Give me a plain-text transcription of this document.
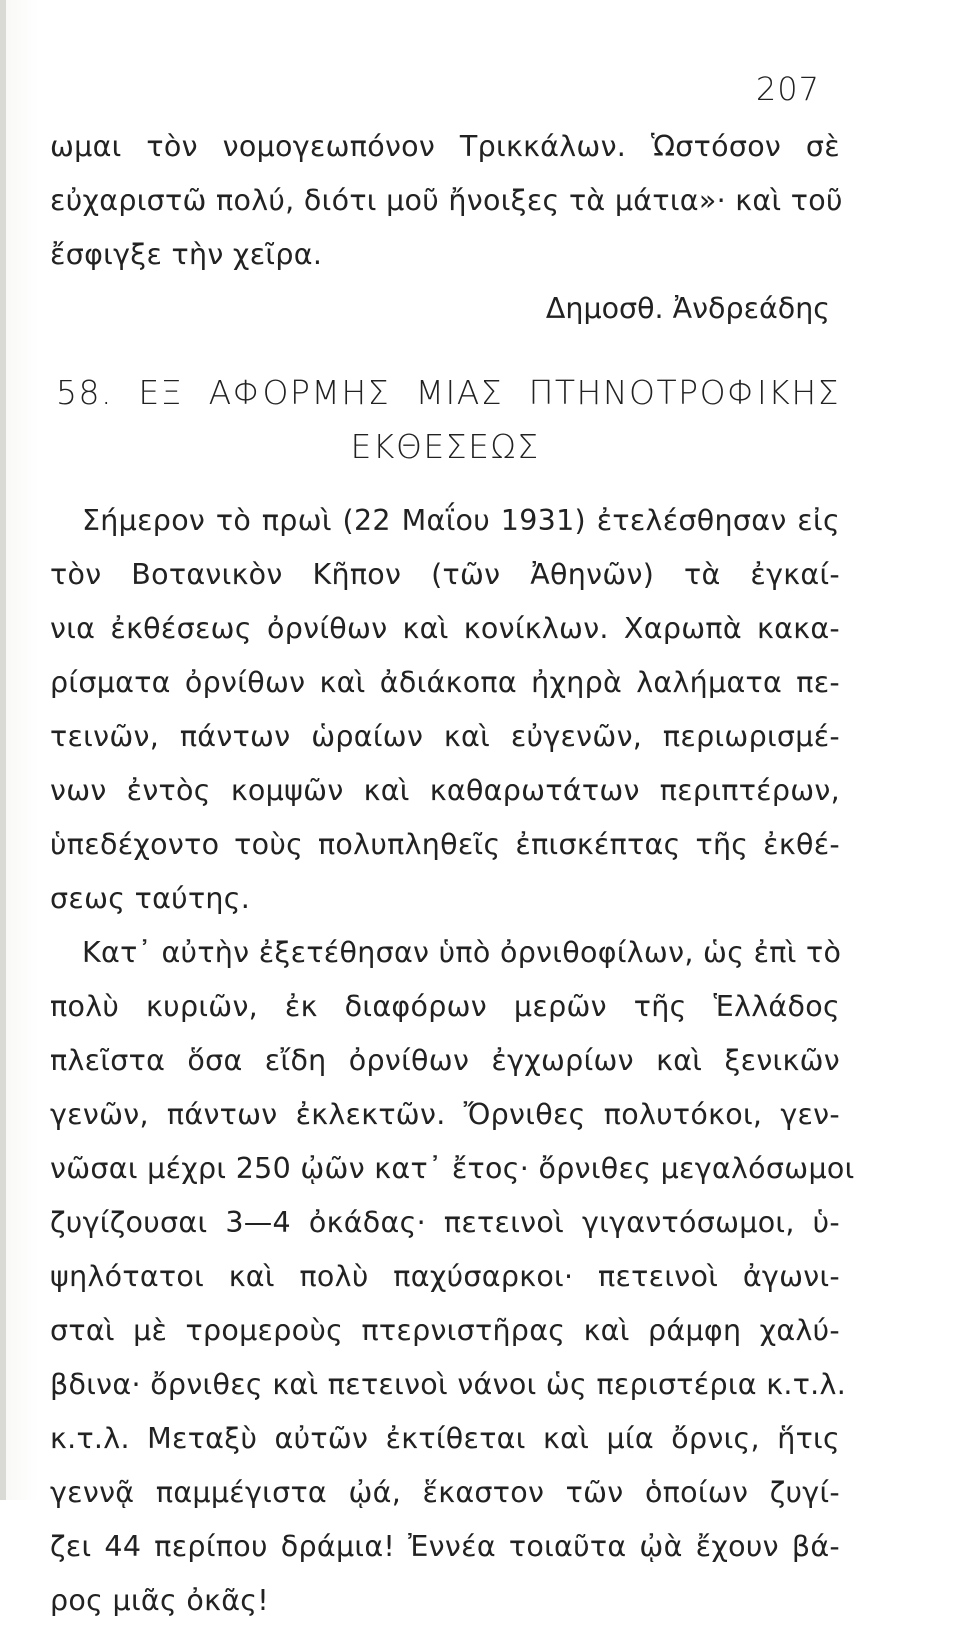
207
ωμαι τὸν νομογεωπόνον Τρικκάλων. Ὡστόσον σὲ
εὐχαριστῶ πολύ, διότι μοῦ ἤνοιξες τὰ μάτια»· καὶ τοῦ
ἔσφιγξε τὴν χεῖρα.
Δημοσθ. Ἀνδρεάδης
58. ΕΞ ΑΦΟΡΜΗΣ ΜΙΑΣ ΠΤΗΝΟΤΡΟΦΙΚΗΣ
ΕΚΘΕΣΕΩΣ
Σήμερον τὸ πρωὶ (22 Μαΐου 1931) ἐτελέσθησαν εἰς
τὸν Βοτανικὸν Κῆπον (τῶν Ἀθηνῶν) τὰ ἐγκαί-
νια ἐκθέσεως ὀρνίθων καὶ κονίκλων. Χαρωπὰ κακα-
ρίσματα ὀρνίθων καὶ ἀδιάκοπα ἠχηρὰ λαλήματα πε-
τεινῶν, πάντων ὡραίων καὶ εὐγενῶν, περιωρισμέ-
νων ἐντὸς κομψῶν καὶ καθαρωτάτων περιπτέρων,
ὑπεδέχοντο τοὺς πολυπληθεῖς ἐπισκέπτας τῆς ἐκθέ-
σεως ταύτης.
Κατ᾽ αὐτὴν ἐξετέθησαν ὑπὸ ὀρνιθοφίλων, ὡς ἐπὶ τὸ
πολὺ κυριῶν, ἐκ διαφόρων μερῶν τῆς Ἑλλάδος
πλεῖστα ὅσα εἴδη ὀρνίθων ἐγχωρίων καὶ ξενικῶν
γενῶν, πάντων ἐκλεκτῶν. Ὄρνιθες πολυτόκοι, γεν-
νῶσαι μέχρι 250 ᾠῶν κατ᾽ ἔτος· ὄρνιθες μεγαλόσωμοι
ζυγίζουσαι 3—4 ὀκάδας· πετεινοὶ γιγαντόσωμοι, ὑ-
ψηλότατοι καὶ πολὺ παχύσαρκοι· πετεινοὶ ἀγωνι-
σταὶ μὲ τρομεροὺς πτερνιστῆρας καὶ ράμφη χαλύ-
βδινα· ὄρνιθες καὶ πετεινοὶ νάνοι ὡς περιστέρια κ.τ.λ.
κ.τ.λ. Μεταξὺ αὐτῶν ἐκτίθεται καὶ μία ὄρνις, ἥτις
γεννᾷ παμμέγιστα ᾠά, ἕκαστον τῶν ὁποίων ζυγί-
ζει 44 περίπου δράμια! Ἐννέα τοιαῦτα ᾠὰ ἔχουν βά-
ρος μιᾶς ὀκᾶς!
